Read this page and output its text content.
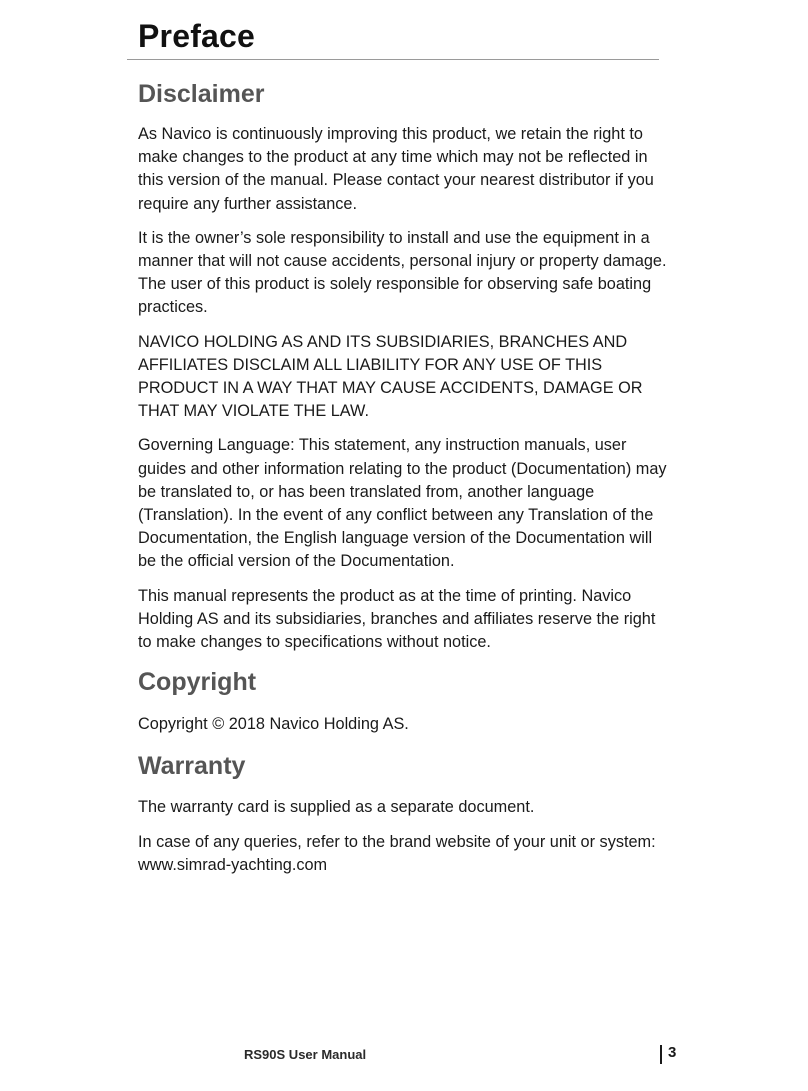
Preface
Disclaimer

As Navico is continuously improving this product, we retain the right to make changes to the product at any time which may not be reflected in this version of the manual. Please contact your nearest distributor if you require any further assistance.

It is the owner’s sole responsibility to install and use the equipment in a manner that will not cause accidents, personal injury or property damage. The user of this product is solely responsible for observing safe boating practices.

NAVICO HOLDING AS AND ITS SUBSIDIARIES, BRANCHES AND AFFILIATES DISCLAIM ALL LIABILITY FOR ANY USE OF THIS PRODUCT IN A WAY THAT MAY CAUSE ACCIDENTS, DAMAGE OR THAT MAY VIOLATE THE LAW.

Governing Language: This statement, any instruction manuals, user guides and other information relating to the product (Documentation) may be translated to, or has been translated from, another language (Translation). In the event of any conflict between any Translation of the Documentation, the English language version of the Documentation will be the official version of the Documentation.

This manual represents the product as at the time of printing. Navico Holding AS and its subsidiaries, branches and affiliates reserve the right to make changes to specifications without notice.

Copyright

Copyright © 2018 Navico Holding AS.

Warranty

The warranty card is supplied as a separate document.

In case of any queries, refer to the brand website of your unit or system: www.simrad-yachting.com

RS90S User Manual	3
